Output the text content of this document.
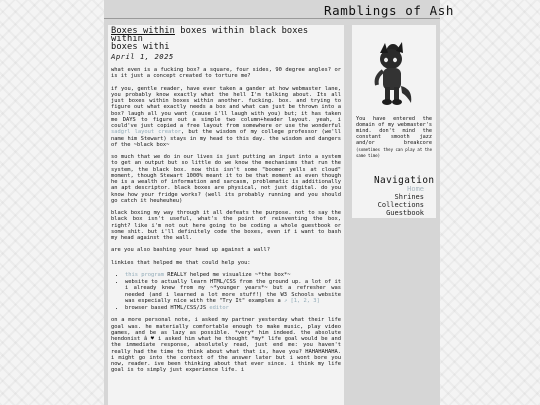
Ramblings of Ash
Boxes within boxes within black boxes within
boxes withi
April 1, 2025

what even is a fucking box? a square, four sides, 90 degree angles? or is it just a concept created to torture me?

if you, gentle reader, have ever taken a gander at how webmaster lane, you probably know exactly what the hell I'm talking about. Its all just boxes within boxes within another. fucking. box. and trying to figure out what exactly needs a box and what can just be thrown into a box? laugh all you want (cause i'll laugh with you) but; it has taken me DAYS to figure out a simple two column+header layout. yeah, i could've just copied a free layout from somewhere or use the wonderful sadgrl layout creator, but the wisdom of my college professor (we'll name him Stewart) stays in my head to this day. the wisdom and dangers of the ~black box~

so much that we do in our lives is just putting an input into a system to get an output but so little do we know the mechanisms that run the system, the black box. now this isn't some "boomer yells at cloud" moment, though Stewart 1000% meant it to be that moment as even though he is a wealth of information and sarcasm, problematic is additionally an apt descriptor. black boxes are physical, not just digital. do you know how your fridge works? (well its probably running and you should go catch it heuheuheu)

black boxing my way through it all defeats the purpose. not to say the black box isn't useful, what's the point of reinventing the box, right? like i'm not out here going to be coding a whole guestbook or some shit. but i'll definitely code the boxes, even if i want to bash my head against the wall.

are you also bashing your head up against a wall?

linkies that helped me that could help you:

• this program REALLY helped me visualize ~*the box*~
• website to actually learn HTML/CSS from the ground up. a lot of it i already knew from my ~*younger years*~ but a refresher was needed (and i learned a lot more stuff!) the W3 Schools website was especially nice with the "Try It" examples a ↗ [1, 2, 3]
• browser based HTML/CSS/JS editor

on a more personal note, i asked my partner yesterday what their life goal was. he materially comfortable enough to make music, play video games, and be as lazy as possible. *very* him indeed. the absolute hendonist â ♥ i asked him what he thought *my* life goal would be and the immediate response, absolutely read, just end me: you haven't really had the time to think about what that is, have you? HAHAHAHAHA. i might go into the context of the answer later but i wont bore you now, reader. ive been thinking about that ever since. i think my life goal is to simply just experience life. i

You have entered the domain of my webmaster's mind. don't mind the constant smooth jazz and/or breakcore (sometimes they can play at the same time)
Navigation
Home
Shrines
Collections
Guestbook
